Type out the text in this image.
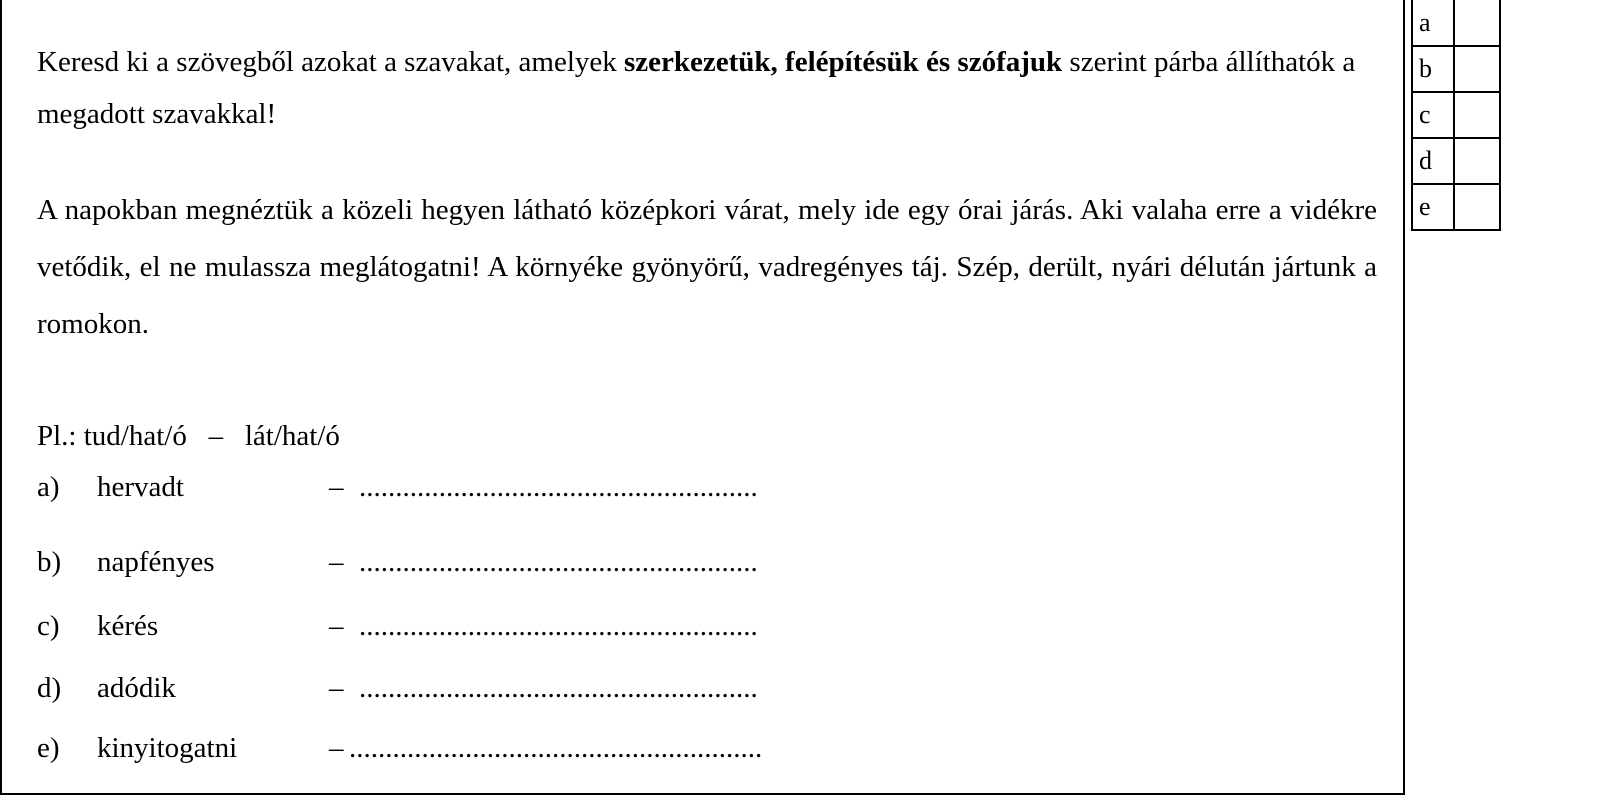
Keresd ki a szövegből azokat a szavakat, amelyek szerkezetük, felépítésük és szófajuk szerint párba állíthatók a megadott szavakkal!
A napokban megnéztük a közeli hegyen látható középkori várat, mely ide egy órai járás. Aki valaha erre a vidékre vetődik, el ne mulassza meglátogatni! A környéke gyönyörű, vadregényes táj. Szép, derült, nyári délután jártunk a romokon.
Pl.: tud/hat/ó   –   lát/hat/ó
a) hervadt	– .......................................................
b) napfényes	– .......................................................
c) kérés	– .......................................................
d) adódik	– .......................................................
e) kinyitogatni	– .........................................................
a	
b	
c	
d	
e	
